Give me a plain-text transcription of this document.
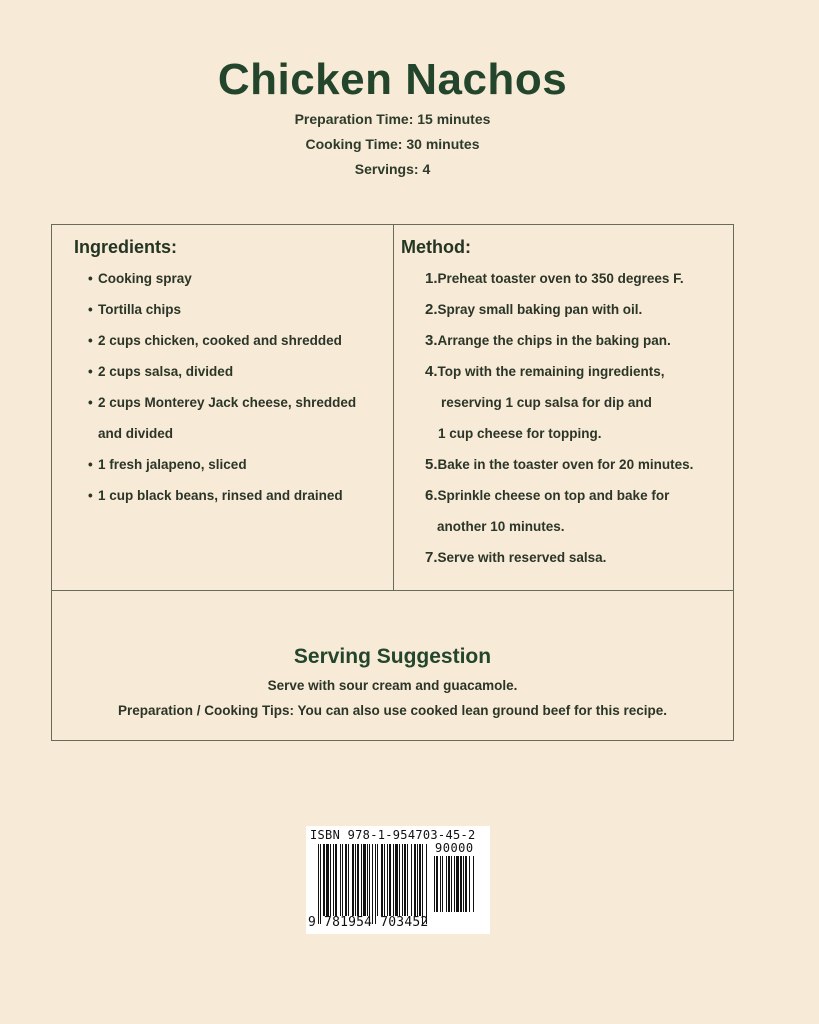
Chicken Nachos
Preparation Time: 15 minutes
Cooking Time: 30 minutes
Servings: 4
Ingredients:
• Cooking spray
• Tortilla chips
• 2 cups chicken, cooked and shredded
• 2 cups salsa, divided
• 2 cups Monterey Jack cheese, shredded
and divided
• 1 fresh jalapeno, sliced
• 1 cup black beans, rinsed and drained
Method:
1.Preheat toaster oven to 350 degrees F.
2.Spray small baking pan with oil.
3.Arrange the chips in the baking pan.
4.Top with the remaining ingredients,
reserving 1 cup salsa for dip and
1 cup cheese for topping.
5.Bake in the toaster oven for 20 minutes.
6.Sprinkle cheese on top and bake for
another 10 minutes.
7.Serve with reserved salsa.
Serving Suggestion
Serve with sour cream and guacamole.
Preparation / Cooking Tips: You can also use cooked lean ground beef for this recipe.
ISBN 978-1-954703-45-2
90000
9 781954 703452
